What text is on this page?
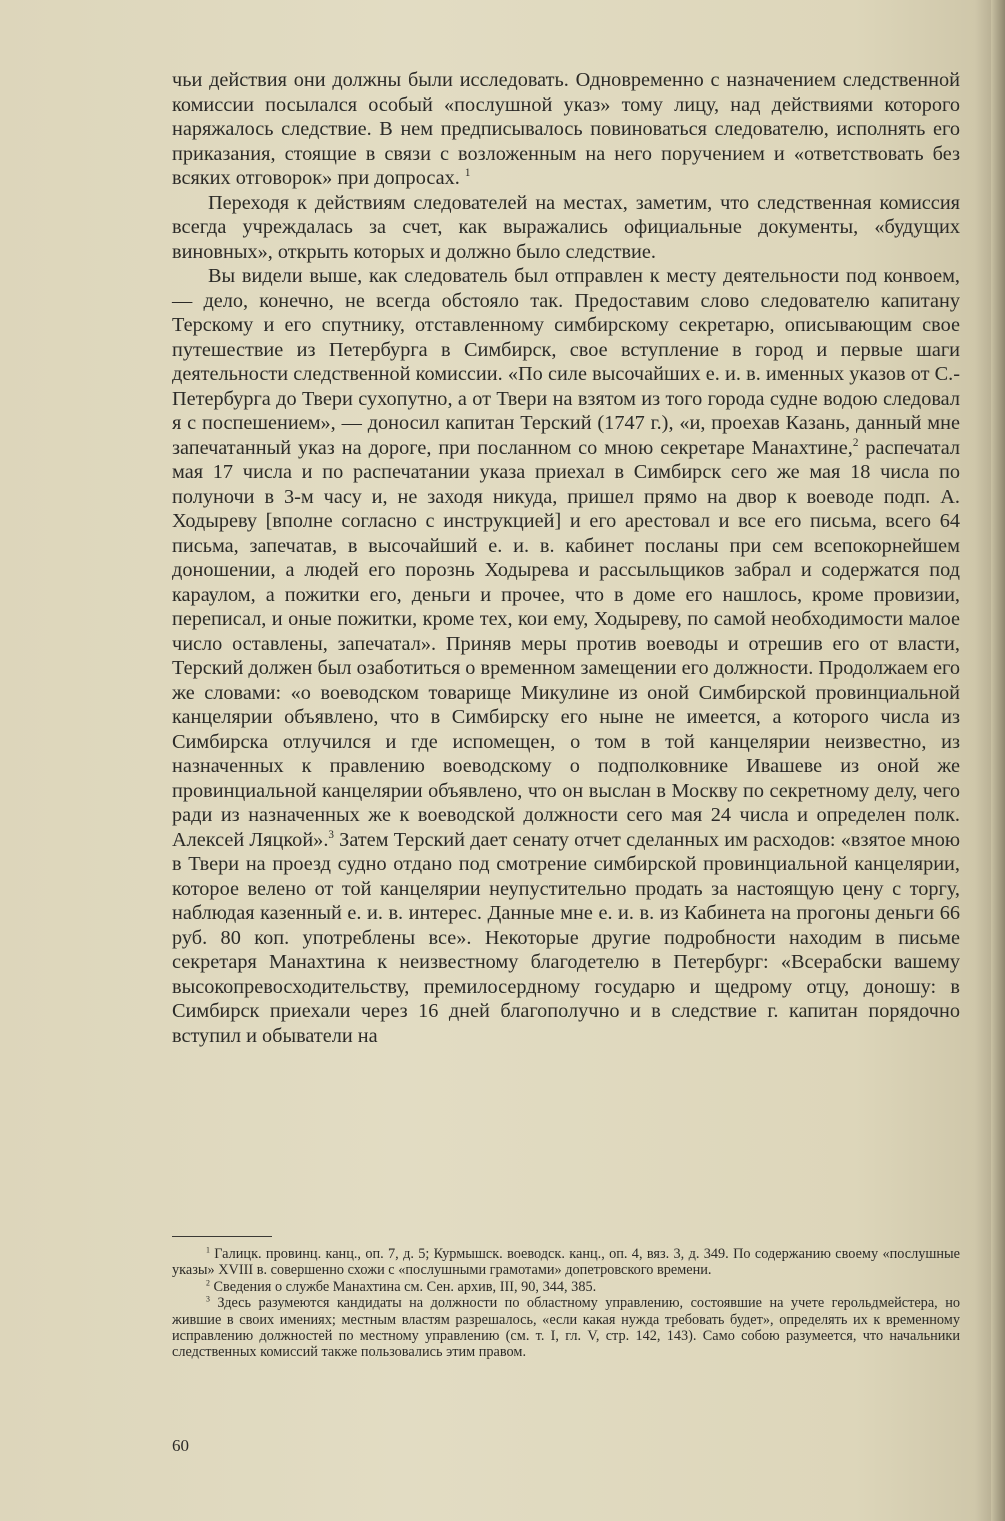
чьи действия они должны были исследовать. Одновременно с назначением следственной комиссии посылался особый «послушной указ» тому лицу, над действиями которого наряжалось следствие. В нем предписывалось повиноваться следователю, исполнять его приказания, стоящие в связи с возложенным на него поручением и «ответствовать без всяких отговорок» при допросах. $^1$

Переходя к действиям следователей на местах, заметим, что следственная комиссия всегда учреждалась за счет, как выражались официальные документы, «будущих виновных», открыть которых и должно было следствие.

Вы видели выше, как следователь был отправлен к месту деятельности под конвоем, — дело, конечно, не всегда обстояло так. Предоставим слово следователю капитану Терскому и его спутнику, отставленному симбирскому секретарю, описывающим свое путешествие из Петербурга в Симбирск, свое вступление в город и первые шаги деятельности следственной комиссии. «По силе высочайших е. и. в. именных указов от С.-Петербурга до Твери сухопутно, а от Твери на взятом из того города судне водою следовал я с поспешением», — доносил капитан Терский (1747 г.), «и, проехав Казань, данный мне запечатанный указ на дороге, при посланном со мною секретаре Манахтине,$^2$ распечатал мая 17 числа и по распечатании указа приехал в Симбирск сего же мая 18 числа по полуночи в 3-м часу и, не заходя никуда, пришел прямо на двор к воеводе подп. А. Ходыреву [вполне согласно с инструкцией] и его арестовал и все его письма, всего 64 письма, запечатав, в высочайший е. и. в. кабинет посланы при сем всепокорнейшем доношении, а людей его порознь Ходырева и рассыльщиков забрал и содержатся под караулом, а пожитки его, деньги и прочее, что в доме его нашлось, кроме провизии, переписал, и оные пожитки, кроме тех, кои ему, Ходыреву, по самой необходимости малое число оставлены, запечатал». Приняв меры против воеводы и отрешив его от власти, Терский должен был озаботиться о временном замещении его должности. Продолжаем его же словами: «о воеводском товарище Микулине из оной Симбирской провинциальной канцелярии объявлено, что в Симбирску его ныне не имеется, а которого числа из Симбирска отлучился и где испомещен, о том в той канцелярии неизвестно, из назначенных к правлению воеводскому о подполковнике Ивашеве из оной же провинциальной канцелярии объявлено, что он выслан в Москву по секретному делу, чего ради из назначенных же к воеводской должности сего мая 24 числа и определен полк. Алексей Ляцкой».$^3$ Затем Терский дает сенату отчет сделанных им расходов: «взятое мною в Твери на проезд судно отдано под смотрение симбирской провинциальной канцелярии, которое велено от той канцелярии неупустительно продать за настоящую цену с торгу, наблюдая казенный е. и. в. интерес. Данные мне е. и. в. из Кабинета на прогоны деньги 66 руб. 80 коп. употреблены все». Некоторые другие подробности находим в письме секретаря Манахтина к неизвестному благодетелю в Петербург: «Всерабски вашему высокопревосходительству, премилосердному государю и щедрому отцу, доношу: в Симбирск приехали через 16 дней благополучно и в следствие г. капитан порядочно вступил и обыватели на

$^1$ Галицк. провинц. канц., оп. 7, д. 5; Курмышск. воеводск. канц., оп. 4, вяз. 3, д. 349. По содержанию своему «послушные указы» XVIII в. совершенно схожи с «послушными грамотами» допетровского времени.

$^2$ Сведения о службе Манахтина см. Сен. архив, III, 90, 344, 385.

$^3$ Здесь разумеются кандидаты на должности по областному управлению, состоявшие на учете герольдмейстера, но жившие в своих имениях; местным властям разрешалось, «если какая нужда требовать будет», определять их к временному исправлению должностей по местному управлению (см. т. I, гл. V, стр. 142, 143). Само собою разумеется, что начальники следственных комиссий также пользовались этим правом.

60
